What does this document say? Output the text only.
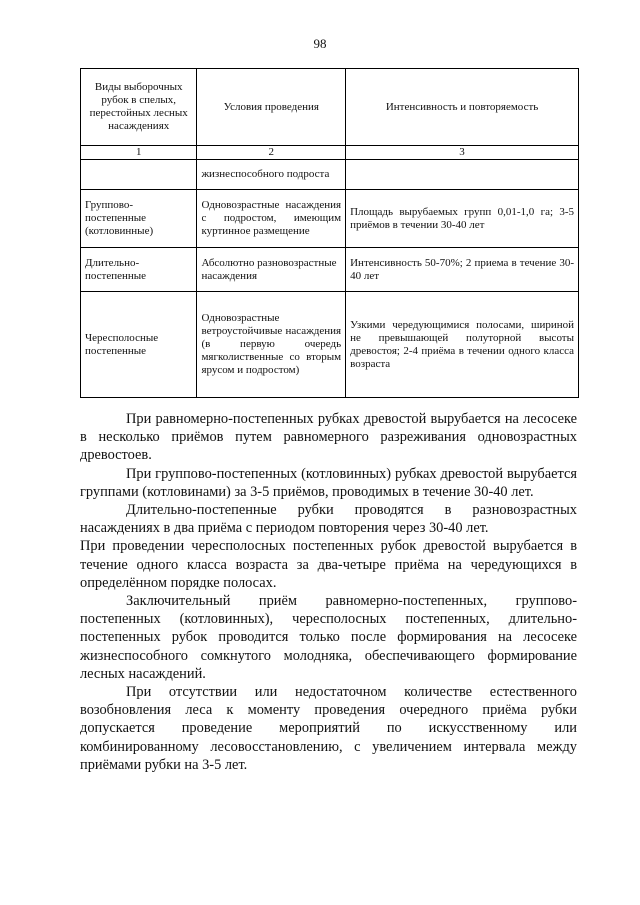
98
Виды выборочных рубок в спелых, перестойных лесных насаждениях	Условия проведения	Интенсивность и повторяемость
1	2	3
	жизнеспособного подроста	
Группово-постепенные (котловинные)	Одновозрастные насаждения с подростом, имеющим куртинное размещение	Площадь вырубаемых групп 0,01-1,0 га; 3-5 приёмов в течении 30-40 лет
Длительно-постепенные	Абсолютно разновозрастные насаждения	Интенсивность 50-70%; 2 приема в течение 30-40 лет
Чересполосные постепенные	Одновозрастные ветроустойчивые насаждения (в первую очередь мягколиственные со вторым ярусом и подростом)	Узкими чередующимися полосами, шириной не превышающей полуторной высоты древостоя; 2-4 приёма в течении одного класса возраста

При равномерно-постепенных рубках древостой вырубается на лесосеке в несколько приёмов путем равномерного разреживания одновозрастных древостоев.

При группово-постепенных (котловинных) рубках древостой вырубается группами (котловинами) за 3-5 приёмов, проводимых в течение 30-40 лет.

Длительно-постепенные рубки проводятся в разновозрастных насаждениях в два приёма с периодом повторения через 30-40 лет.

При проведении чересполосных постепенных рубок древостой вырубается в течение одного класса возраста за два-четыре приёма на чередующихся в определённом порядке полосах.

Заключительный приём равномерно-постепенных, группово-постепенных (котловинных), чересполосных постепенных, длительно-постепенных рубок проводится только после формирования на лесосеке жизнеспособного сомкнутого молодняка, обеспечивающего формирование лесных насаждений.

При отсутствии или недостаточном количестве естественного возобновления леса к моменту проведения очередного приёма рубки допускается проведение мероприятий по искусственному или комбинированному лесовосстановлению, с увеличением интервала между приёмами рубки на 3-5 лет.
